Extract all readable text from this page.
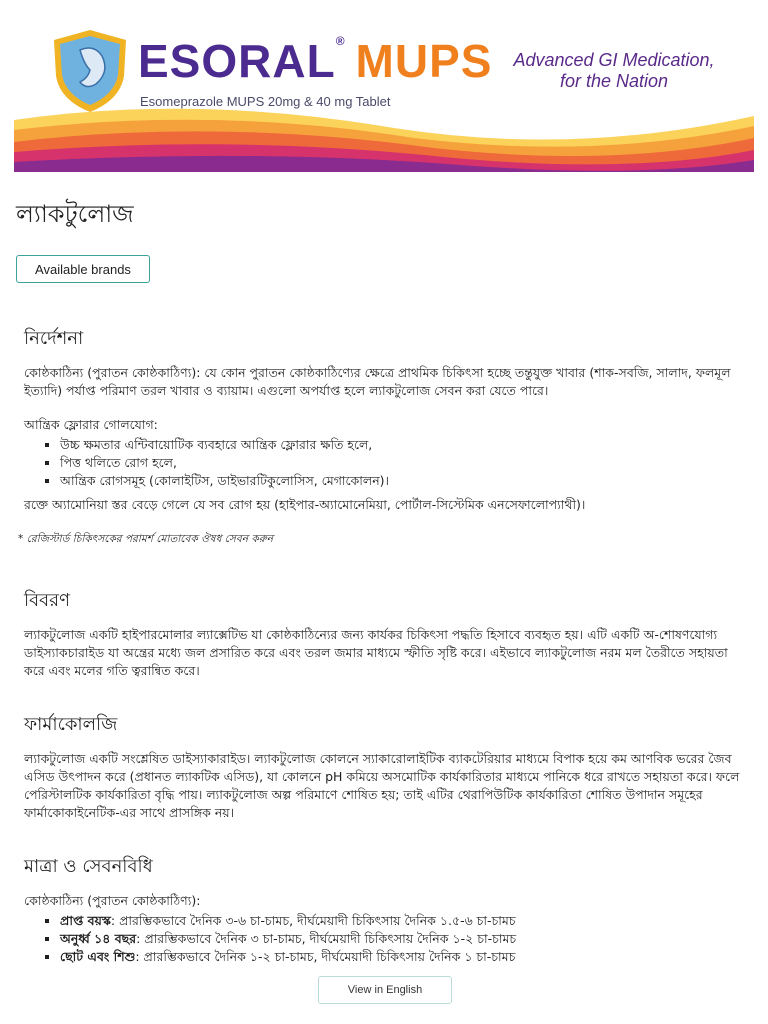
ESORAL® MUPS
Esomeprazole MUPS 20mg & 40 mg Tablet
Advanced GI Medication,
for the Nation
ল্যাকটুলোজ
Available brands
নির্দেশনা

কোষ্ঠকাঠিন্য (পুরাতন কোষ্ঠকাঠিণ্য): যে কোন পুরাতন কোষ্ঠকাঠিণ্যের ক্ষেত্রে প্রাথমিক চিকিৎসা হচ্ছে তন্তুযুক্ত খাবার (শাক-সবজি, সালাদ, ফলমূল ইত্যাদি) পর্যাপ্ত পরিমাণ তরল খাবার ও ব্যায়াম। এগুলো অপর্যাপ্ত হলে ল্যাকটুলোজ সেবন করা যেতে পারে।

আন্ত্রিক ফ্লোরার গোলযোগ:

▪ উচ্চ ক্ষমতার এন্টিবায়োটিক ব্যবহারে আন্ত্রিক ফ্লোরার ক্ষতি হলে,
▪ পিত্ত থলিতে রোগ হলে,
▪ আন্ত্রিক রোগসমূহ (কোলাইটিস, ডাইভারটিকুলোসিস, মেগাকোলন)।

রক্তে অ্যামোনিয়া স্তর বেড়ে গেলে যে সব রোগ হয় (হাইপার-অ্যামোনেমিয়া, পোর্টাল-সিস্টেমিক এনসেফালোপ্যাথী)।

* রেজিস্টার্ড চিকিৎসকের পরামর্শ মোতাবেক ঔষধ সেবন করুন

বিবরণ

ল্যাকটুলোজ একটি হাইপারমোলার ল্যাক্সেটিভ যা কোষ্ঠকাঠিন্যের জন্য কার্যকর চিকিৎসা পদ্ধতি হিসাবে ব্যবহৃত হয়। এটি একটি অ-শোষণযোগ্য ডাইস্যাকচারাইড যা অন্ত্রের মধ্যে জল প্রসারিত করে এবং তরল জমার মাধ্যমে স্ফীতি সৃষ্টি করে। এইভাবে ল্যাকটুলোজ নরম মল তৈরীতে সহায়তা করে এবং মলের গতি ত্বরান্বিত করে।

ফার্মাকোলজি

ল্যাকটুলোজ একটি সংশ্লেষিত ডাইস্যাকারাইড। ল্যাকটুলোজ কোলনে স্যাকারোলাইটিক ব্যাকটেরিয়ার মাধ্যমে বিপাক হয়ে কম আণবিক ভরের জৈব এসিড উৎপাদন করে (প্রধানত ল্যাকটিক এসিড), যা কোলনে pH কমিয়ে অসমোটিক কার্যকারিতার মাধ্যমে পানিকে ধরে রাখতে সহায়তা করে। ফলে পেরিস্টালটিক কার্যকারিতা বৃদ্ধি পায়। ল্যাকটুলোজ অল্প পরিমাণে শোষিত হয়; তাই এটির থেরাপিউটিক কার্যকারিতা শোষিত উপাদান সমূহের ফার্মাকোকাইনেটিক-এর সাথে প্রাসঙ্গিক নয়।

মাত্রা ও সেবনবিধি

কোষ্ঠকাঠিন্য (পুরাতন কোষ্ঠকাঠিণ্য):

▪ প্রাপ্ত বয়স্ক: প্রারম্ভিকভাবে দৈনিক ৩-৬ চা-চামচ, দীর্ঘমেয়াদী চিকিৎসায় দৈনিক ১.৫-৬ চা-চামচ
▪ অনুর্ধ্ব ১৪ বছর: প্রারম্ভিকভাবে দৈনিক ৩ চা-চামচ, দীর্ঘমেয়াদী চিকিৎসায় দৈনিক ১-২ চা-চামচ
▪ ছোট এবং শিশু: প্রারম্ভিকভাবে দৈনিক ১-২ চা-চামচ, দীর্ঘমেয়াদী চিকিৎসায় দৈনিক ১ চা-চামচ
View in English
